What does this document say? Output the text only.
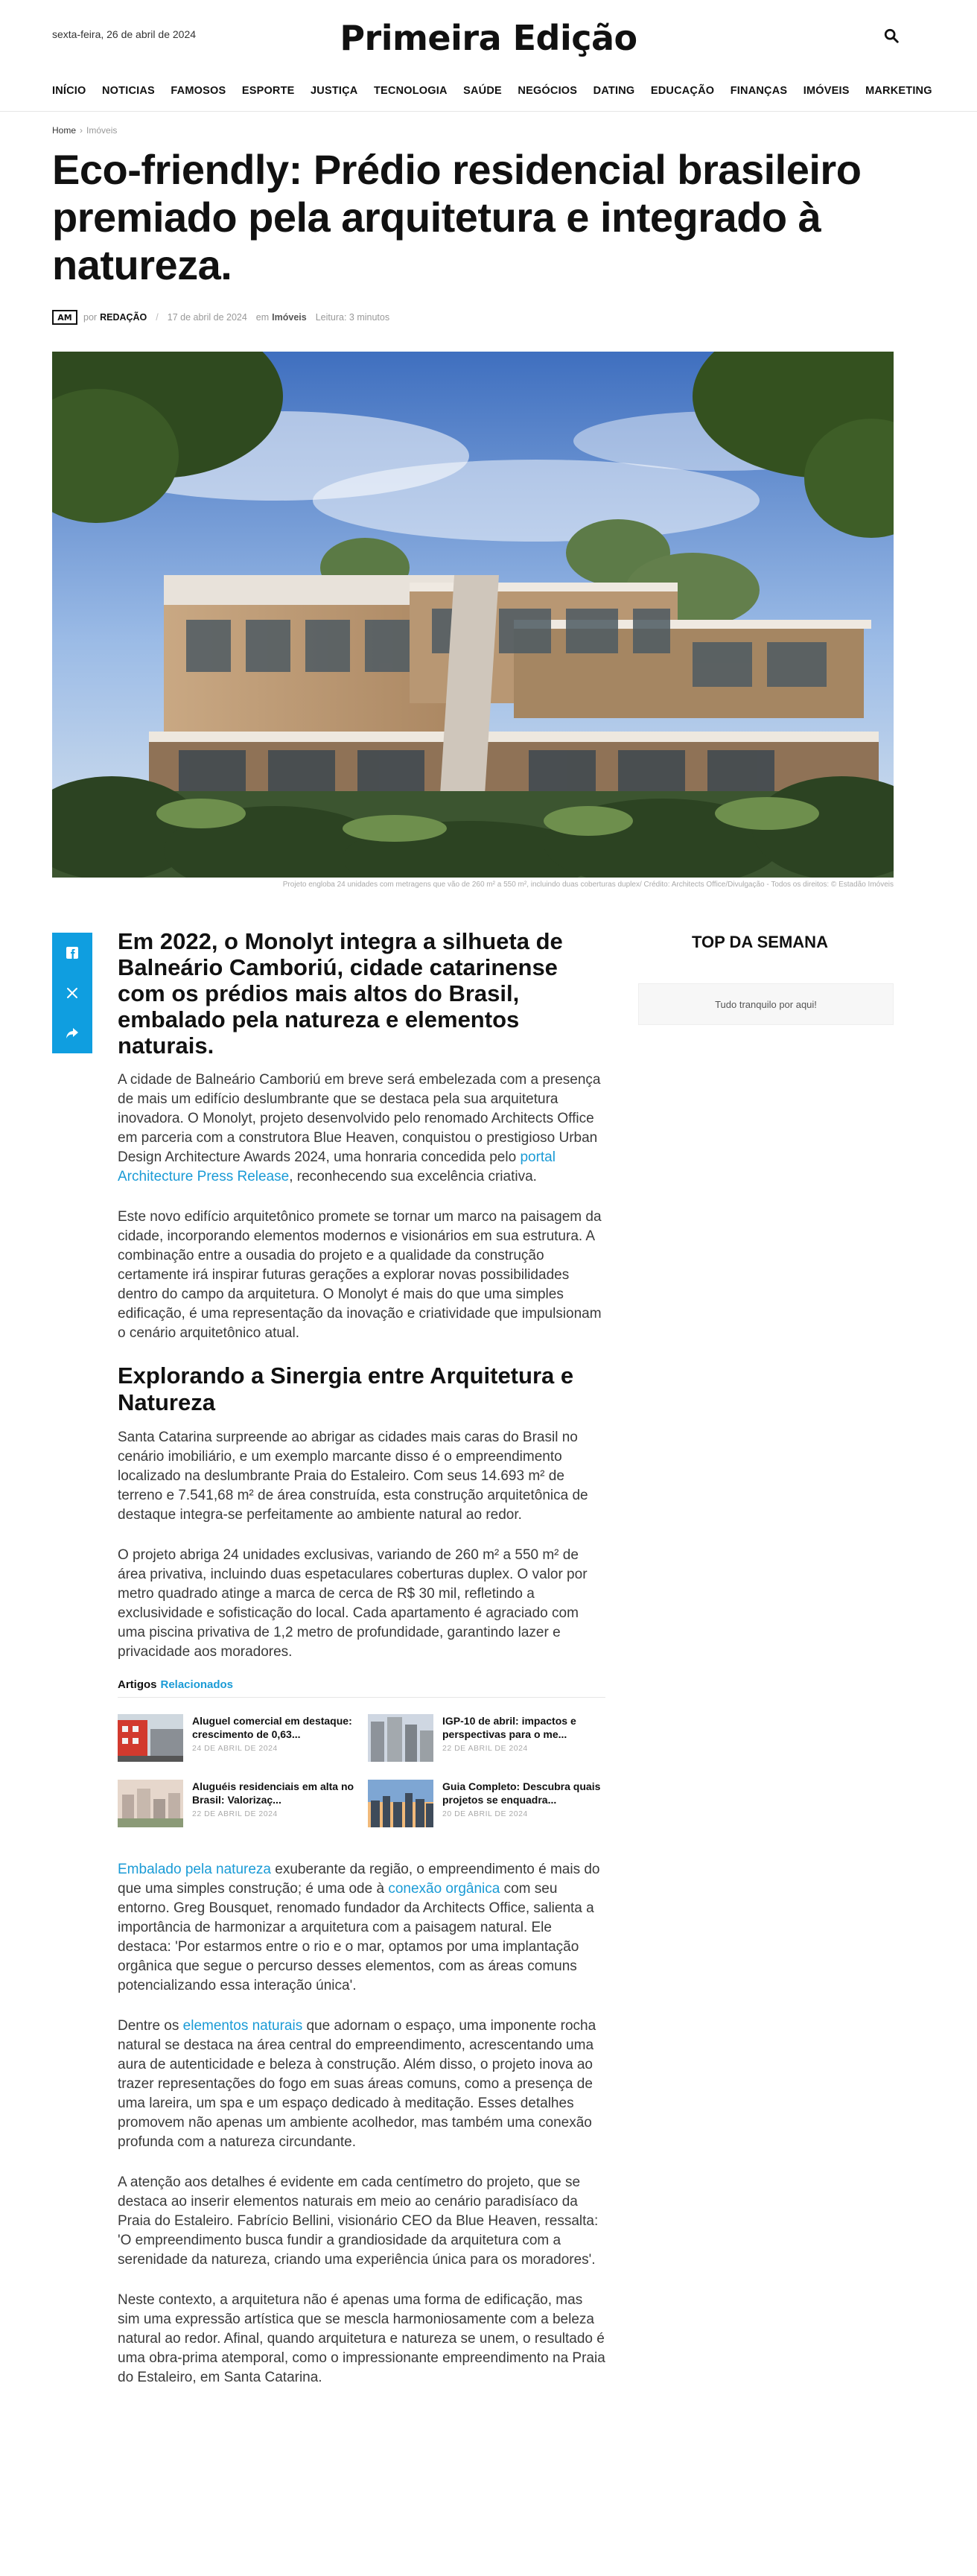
sexta-feira, 26 de abril de 2024	Primeira Edição
INÍCIO NOTICIAS FAMOSOS ESPORTE JUSTIÇA TECNOLOGIA SAÚDE NEGÓCIOS DATING EDUCAÇÃO FINANÇAS IMÓVEIS MARKETING
Home › Imóveis
Eco-friendly: Prédio residencial brasileiro premiado pela arquitetura e integrado à natureza.
AM	por REDAÇÃO / 17 de abril de 2024 em Imóveis Leitura: 3 minutos
Projeto engloba 24 unidades com metragens que vão de 260 m² a 550 m², incluindo duas coberturas duplex/ Crédito: Architects Office/Divulgação - Todos os direitos: © Estadão Imóveis
Em 2022, o Monolyt integra a silhueta de Balneário Camboriú, cidade catarinense com os prédios mais altos do Brasil, embalado pela natureza e elementos naturais.

A cidade de Balneário Camboriú em breve será embelezada com a presença de mais um edifício deslumbrante que se destaca pela sua arquitetura inovadora. O Monolyt, projeto desenvolvido pelo renomado Architects Office em parceria com a construtora Blue Heaven, conquistou o prestigioso Urban Design Architecture Awards 2024, uma honraria concedida pelo portal Architecture Press Release, reconhecendo sua excelência criativa.

Este novo edifício arquitetônico promete se tornar um marco na paisagem da cidade, incorporando elementos modernos e visionários em sua estrutura. A combinação entre a ousadia do projeto e a qualidade da construção certamente irá inspirar futuras gerações a explorar novas possibilidades dentro do campo da arquitetura. O Monolyt é mais do que uma simples edificação, é uma representação da inovação e criatividade que impulsionam o cenário arquitetônico atual.

Explorando a Sinergia entre Arquitetura e Natureza

Santa Catarina surpreende ao abrigar as cidades mais caras do Brasil no cenário imobiliário, e um exemplo marcante disso é o empreendimento localizado na deslumbrante Praia do Estaleiro. Com seus 14.693 m² de terreno e 7.541,68 m² de área construída, esta construção arquitetônica de destaque integra-se perfeitamente ao ambiente natural ao redor.

O projeto abriga 24 unidades exclusivas, variando de 260 m² a 550 m² de área privativa, incluindo duas espetaculares coberturas duplex. O valor por metro quadrado atinge a marca de cerca de R$ 30 mil, refletindo a exclusividade e sofisticação do local. Cada apartamento é agraciado com uma piscina privativa de 1,2 metro de profundidade, garantindo lazer e privacidade aos moradores.

Artigos Relacionados
Aluguel comercial em destaque: crescimento de 0,63...
24 DE ABRIL DE 2024
IGP-10 de abril: impactos e perspectivas para o me...
22 DE ABRIL DE 2024
Aluguéis residenciais em alta no Brasil: Valorizaç...
22 DE ABRIL DE 2024
Guia Completo: Descubra quais projetos se enquadra...
20 DE ABRIL DE 2024

Embalado pela natureza exuberante da região, o empreendimento é mais do que uma simples construção; é uma ode à conexão orgânica com seu entorno. Greg Bousquet, renomado fundador da Architects Office, salienta a importância de harmonizar a arquitetura com a paisagem natural. Ele destaca: 'Por estarmos entre o rio e o mar, optamos por uma implantação orgânica que segue o percurso desses elementos, com as áreas comuns potencializando essa interação única'.

Dentre os elementos naturais que adornam o espaço, uma imponente rocha natural se destaca na área central do empreendimento, acrescentando uma aura de autenticidade e beleza à construção. Além disso, o projeto inova ao trazer representações do fogo em suas áreas comuns, como a presença de uma lareira, um spa e um espaço dedicado à meditação. Esses detalhes promovem não apenas um ambiente acolhedor, mas também uma conexão profunda com a natureza circundante.

A atenção aos detalhes é evidente em cada centímetro do projeto, que se destaca ao inserir elementos naturais em meio ao cenário paradisíaco da Praia do Estaleiro. Fabrício Bellini, visionário CEO da Blue Heaven, ressalta: 'O empreendimento busca fundir a grandiosidade da arquitetura com a serenidade da natureza, criando uma experiência única para os moradores'.

Neste contexto, a arquitetura não é apenas uma forma de edificação, mas sim uma expressão artística que se mescla harmoniosamente com a beleza natural ao redor. Afinal, quando arquitetura e natureza se unem, o resultado é uma obra-prima atemporal, como o impressionante empreendimento na Praia do Estaleiro, em Santa Catarina.

TOP DA SEMANA
Tudo tranquilo por aqui!
